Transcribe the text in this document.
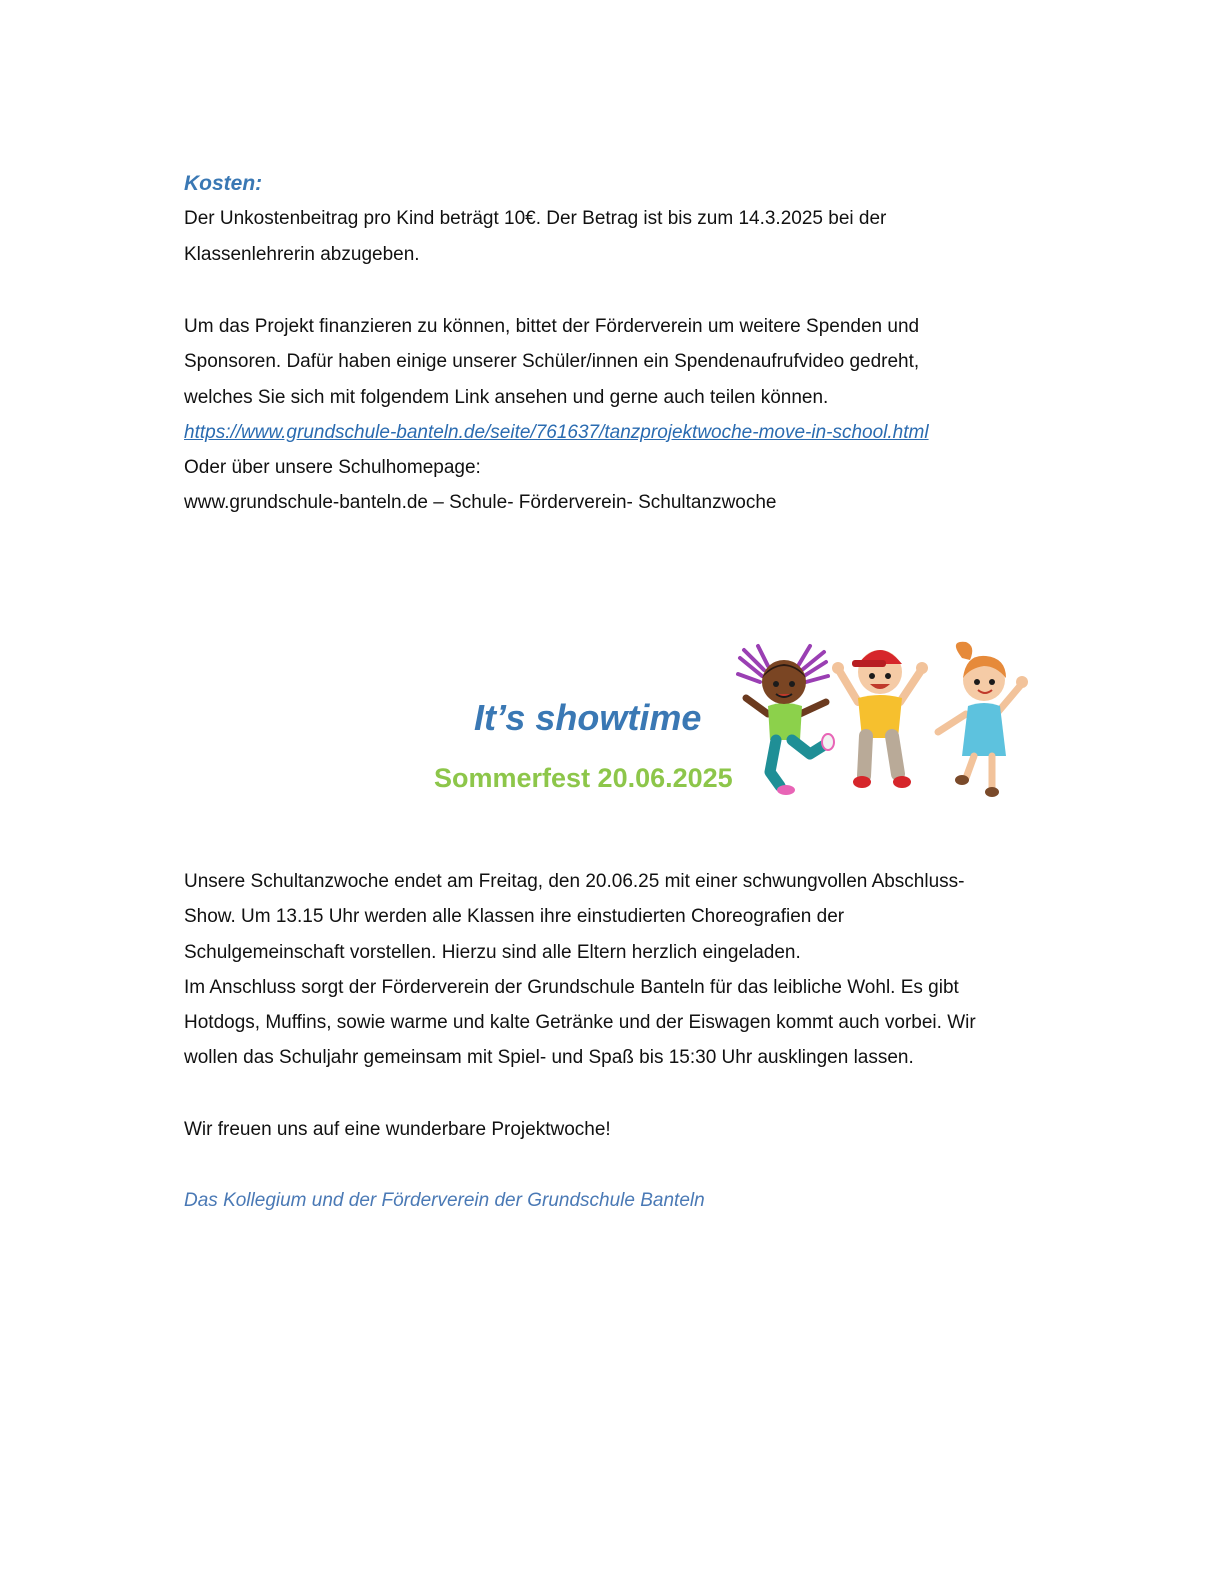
Kosten:

Der Unkostenbeitrag pro Kind beträgt 10€. Der Betrag ist bis zum 14.3.2025 bei der

Klassenlehrerin abzugeben.

Um das Projekt finanzieren zu können, bittet der Förderverein um weitere Spenden und

Sponsoren. Dafür haben einige unserer Schüler/innen ein Spendenaufrufvideo gedreht,

welches Sie sich mit folgendem Link ansehen und gerne auch teilen können.

https://www.grundschule-banteln.de/seite/761637/tanzprojektwoche-move-in-school.html

Oder über unsere Schulhomepage:

www.grundschule-banteln.de – Schule- Förderverein- Schultanzwoche

It’s showtime
Sommerfest 20.06.2025

Unsere Schultanzwoche endet am Freitag, den 20.06.25 mit einer schwungvollen Abschluss-

Show. Um 13.15 Uhr werden alle Klassen ihre einstudierten Choreografien der

Schulgemeinschaft vorstellen. Hierzu sind alle Eltern herzlich eingeladen.

Im Anschluss sorgt der Förderverein der Grundschule Banteln für das leibliche Wohl. Es gibt

Hotdogs, Muffins, sowie warme und kalte Getränke und der Eiswagen kommt auch vorbei. Wir

wollen das Schuljahr gemeinsam mit Spiel- und Spaß bis 15:30 Uhr ausklingen lassen.

Wir freuen uns auf eine wunderbare Projektwoche!

Das Kollegium und der Förderverein der Grundschule Banteln
